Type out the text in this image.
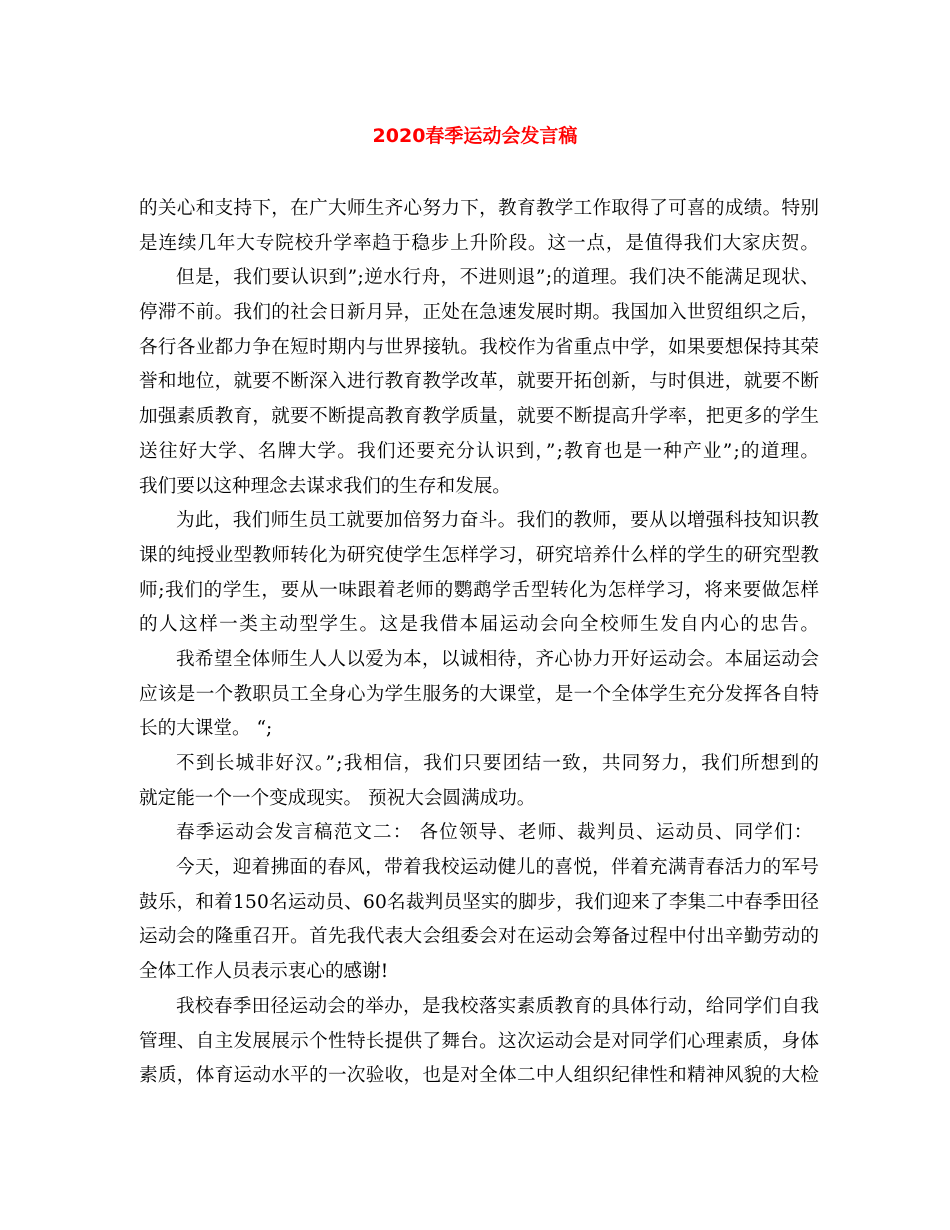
2020春季运动会发言稿
的关心和支持下，在广大师生齐心努力下，教育教学工作取得了可喜的成绩。特别
是连续几年大专院校升学率趋于稳步上升阶段。这一点，是值得我们大家庆贺。
但是，我们要认识到”;逆水行舟，不进则退”;的道理。我们决不能满足现状、
停滞不前。我们的社会日新月异，正处在急速发展时期。我国加入世贸组织之后，
各行各业都力争在短时期内与世界接轨。我校作为省重点中学，如果要想保持其荣
誉和地位，就要不断深入进行教育教学改革，就要开拓创新，与时俱进，就要不断
加强素质教育，就要不断提高教育教学质量，就要不断提高升学率，把更多的学生
送往好大学、名牌大学。我们还要充分认识到，”;教育也是一种产业”;的道理。
我们要以这种理念去谋求我们的生存和发展。
为此，我们师生员工就要加倍努力奋斗。我们的教师，要从以增强科技知识教
课的纯授业型教师转化为研究使学生怎样学习，研究培养什么样的学生的研究型教
师;我们的学生，要从一味跟着老师的鹦鹉学舌型转化为怎样学习，将来要做怎样
的人这样一类主动型学生。这是我借本届运动会向全校师生发自内心的忠告。
我希望全体师生人人以爱为本，以诚相待，齐心协力开好运动会。本届运动会
应该是一个教职员工全身心为学生服务的大课堂，是一个全体学生充分发挥各自特
长的大课堂。 “;
不到长城非好汉。”;我相信，我们只要团结一致，共同努力，我们所想到的
就定能一个一个变成现实。 预祝大会圆满成功。
春季运动会发言稿范文二： 各位领导、老师、裁判员、运动员、同学们：
今天，迎着拂面的春风，带着我校运动健儿的喜悦，伴着充满青春活力的军号
鼓乐，和着150名运动员、60名裁判员坚实的脚步，我们迎来了李集二中春季田径
运动会的隆重召开。首先我代表大会组委会对在运动会筹备过程中付出辛勤劳动的
全体工作人员表示衷心的感谢!
我校春季田径运动会的举办，是我校落实素质教育的具体行动，给同学们自我
管理、自主发展展示个性特长提供了舞台。这次运动会是对同学们心理素质，身体
素质，体育运动水平的一次验收，也是对全体二中人组织纪律性和精神风貌的大检
